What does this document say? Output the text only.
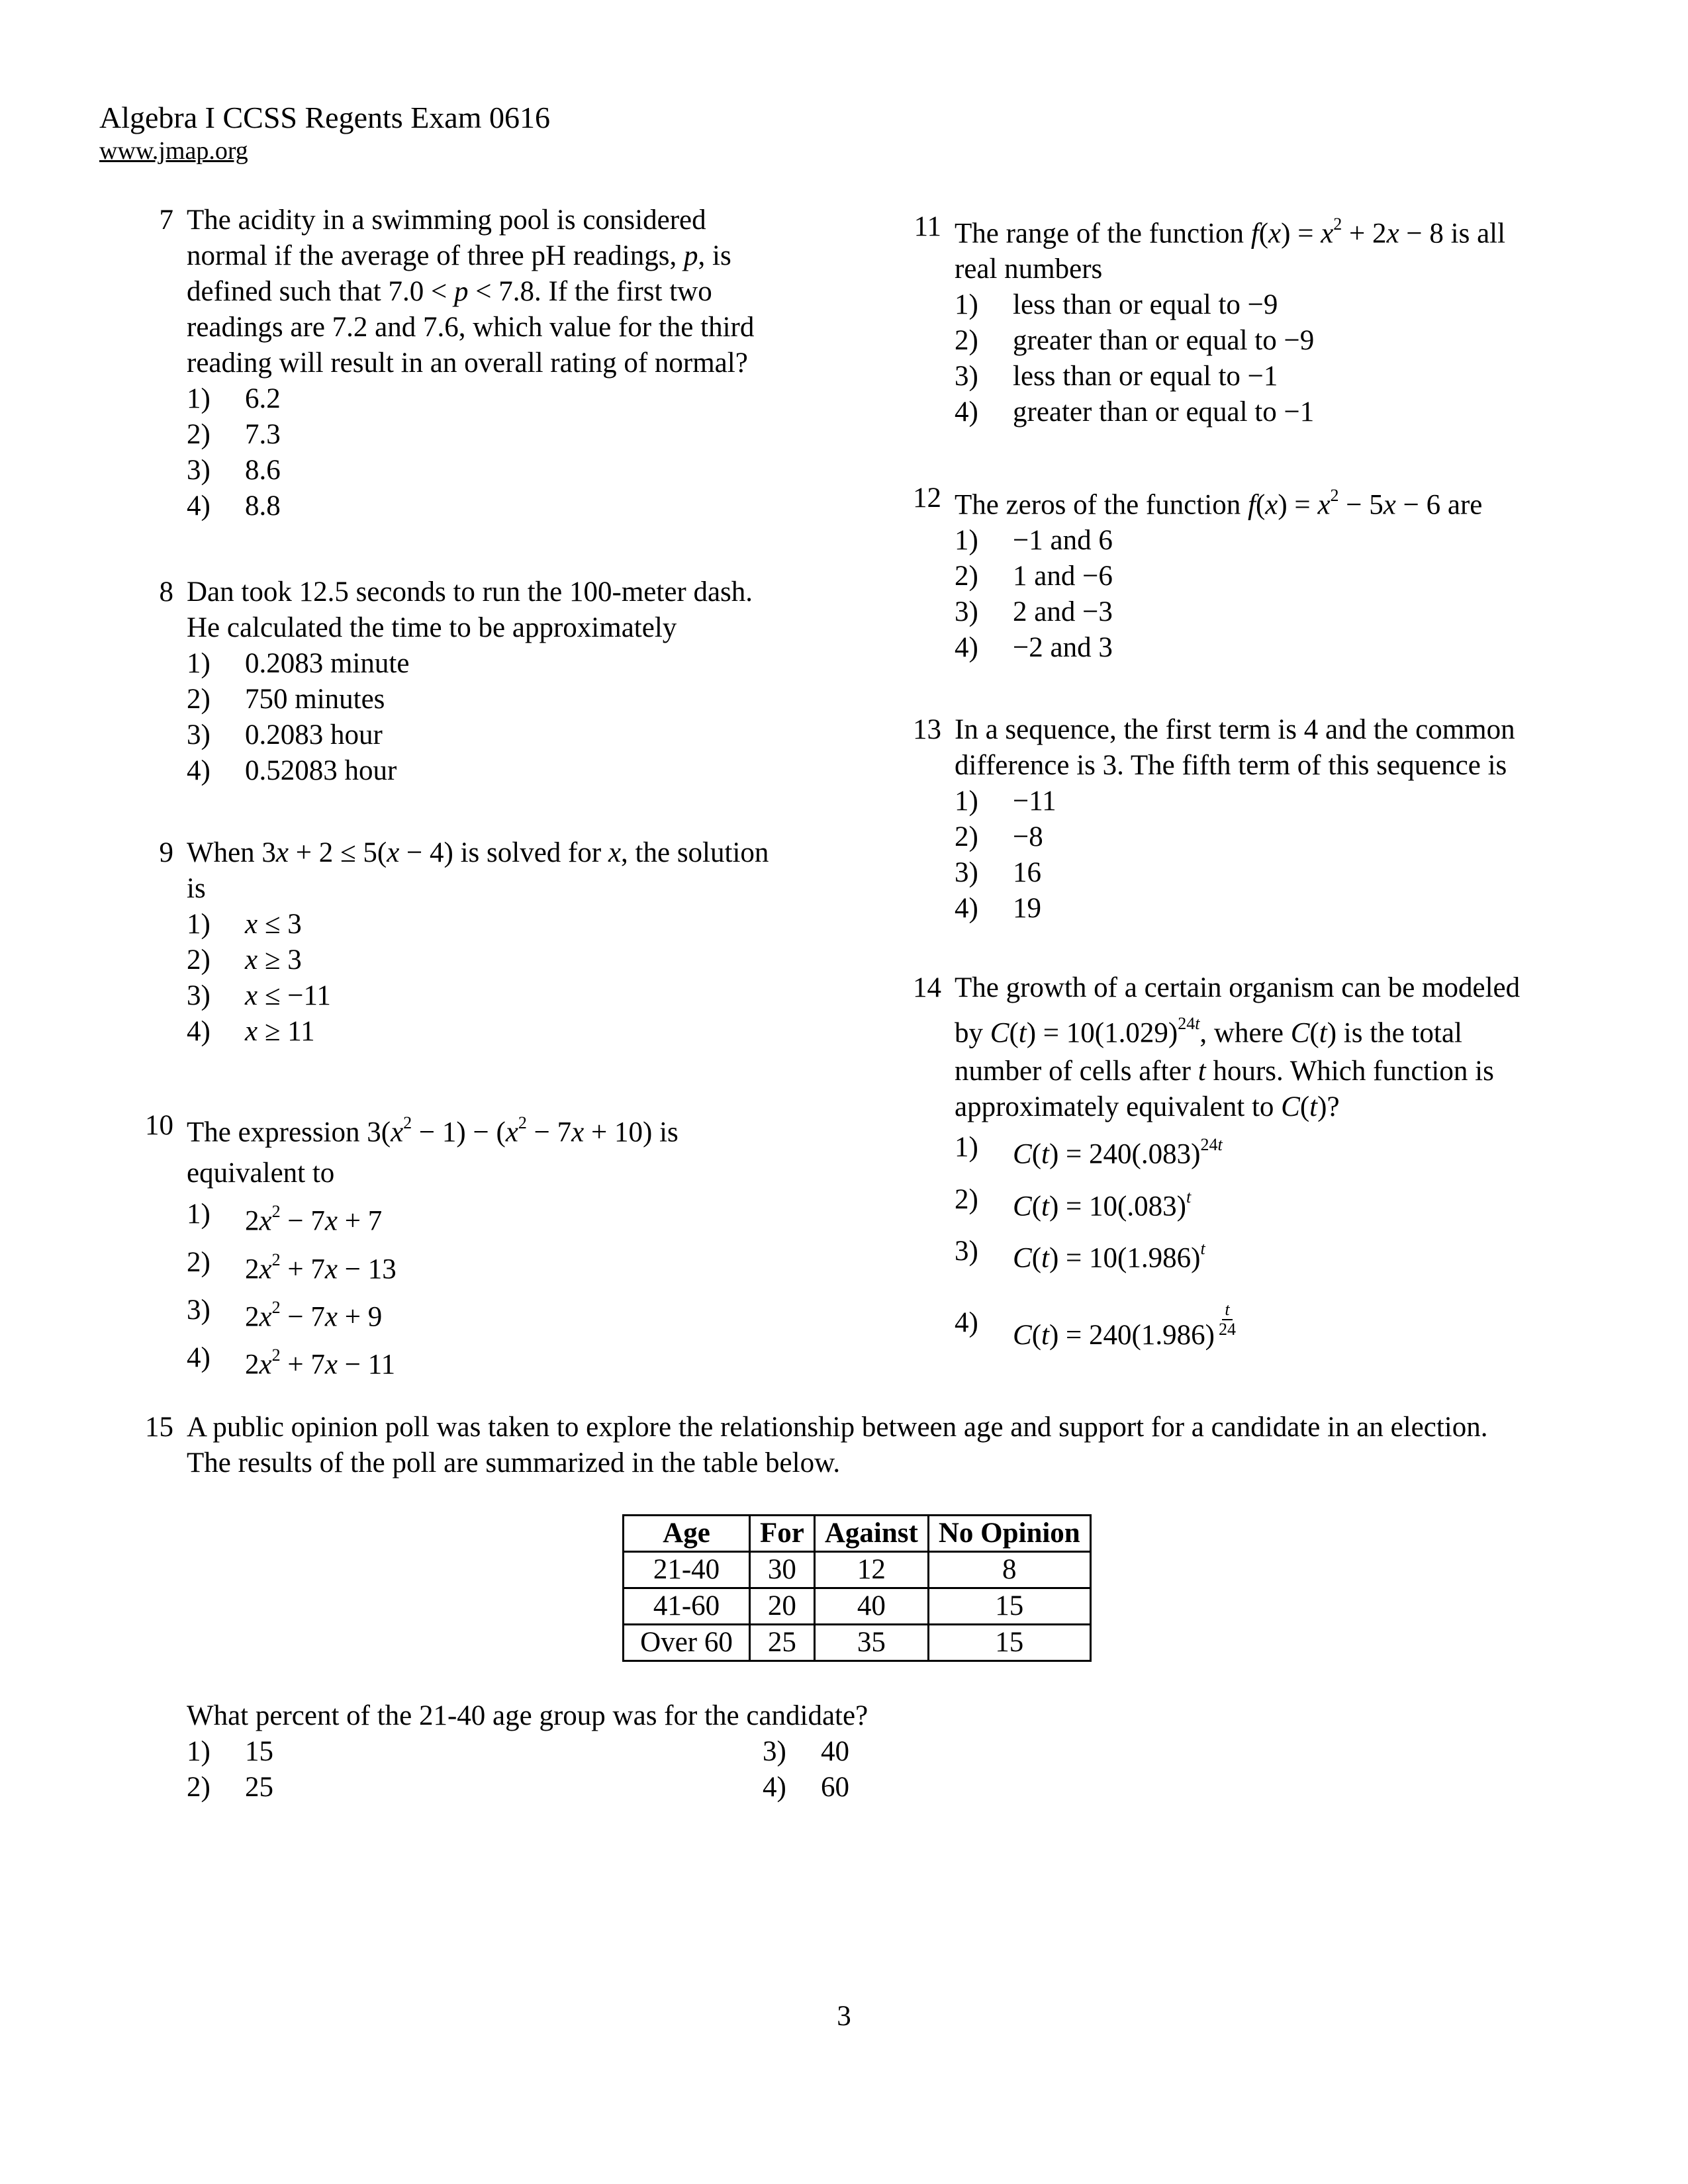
Algebra I CCSS Regents Exam 0616
www.jmap.org
7 The acidity in a swimming pool is considered
normal if the average of three pH readings, p, is
defined such that 7.0 < p < 7.8. If the first two
readings are 7.2 and 7.6, which value for the third
reading will result in an overall rating of normal?
1)	6.2
2)	7.3
3)	8.6
4)	8.8
8 Dan took 12.5 seconds to run the 100-meter dash.
He calculated the time to be approximately
1)	0.2083 minute
2)	750 minutes
3)	0.2083 hour
4)	0.52083 hour
9 When 3x + 2 ≤ 5(x − 4) is solved for x, the solution
is
1)	x ≤ 3
2)	x ≥ 3
3)	x ≤ −11
4)	x ≥ 11
10 The expression $3(x^2 - 1) - (x^2 - 7x + 10)$ is
equivalent to
1)	$2x^2 - 7x + 7$
2)	$2x^2 + 7x - 13$
3)	$2x^2 - 7x + 9$
4)	$2x^2 + 7x - 11$
11 The range of the function $f(x) = x^2 + 2x - 8$ is all
real numbers
1)	less than or equal to −9
2)	greater than or equal to −9
3)	less than or equal to −1
4)	greater than or equal to −1
12 The zeros of the function $f(x) = x^2 - 5x - 6$ are
1)	−1 and 6
2)	1 and −6
3)	2 and −3
4)	−2 and 3
13 In a sequence, the first term is 4 and the common
difference is 3. The fifth term of this sequence is
1)	−11
2)	−8
3)	16
4)	19
14 The growth of a certain organism can be modeled
by $C(t) = 10(1.029)^{24t}$, where C(t) is the total
number of cells after t hours. Which function is
approximately equivalent to C(t)?
1)	$C(t) = 240(.083)^{24t}$
2)	$C(t) = 10(.083)^t$
3)	$C(t) = 10(1.986)^t$
4)	$C(t) = 240(1.986) \frac{t}{24}$
15 A public opinion poll was taken to explore the relationship between age and support for a candidate in an election.
The results of the poll are summarized in the table below.
Age	For	Against	No Opinion
21-40	30	12	8
41-60	20	40	15
Over 60	25	35	15
What percent of the 21-40 age group was for the candidate?
1)	15
2)	25
3)	40
4)	60
3
